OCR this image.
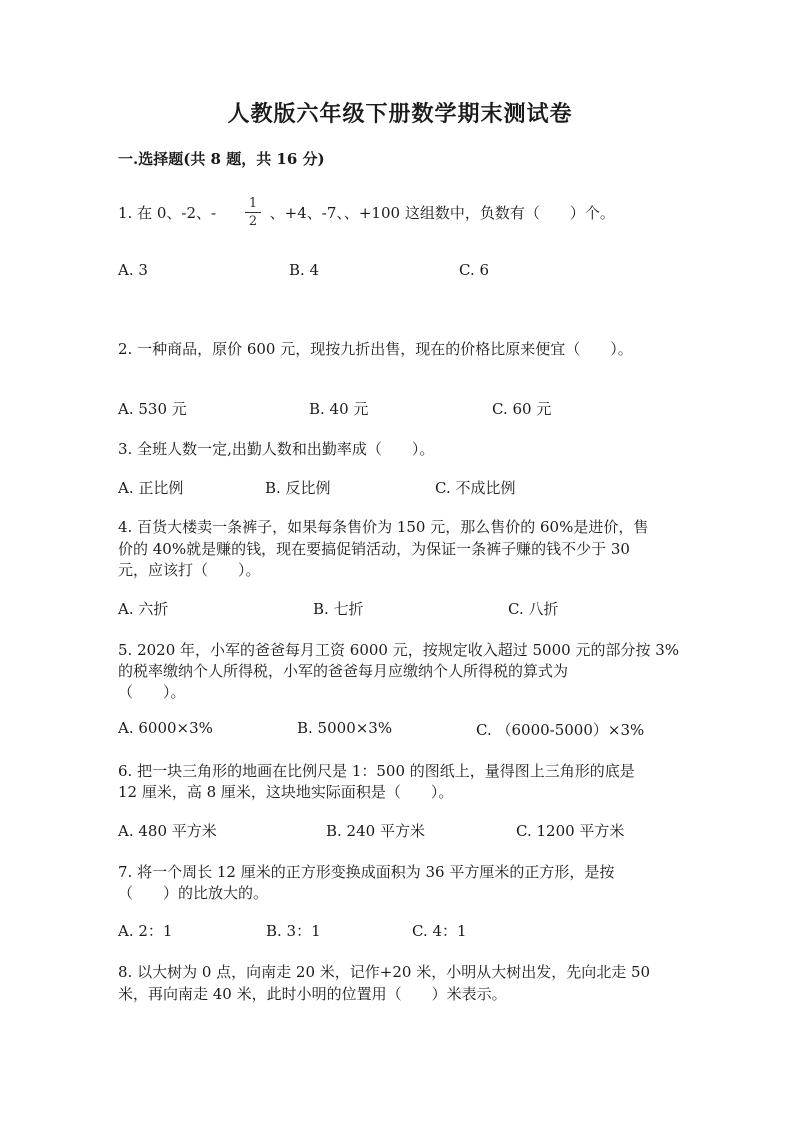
人教版六年级下册数学期末测试卷
一.选择题(共 8 题，共 16 分)
1. 在 0、-2、-	、+4、-7、、+100 这组数中，负数有（　　）个。
1
2
A. 3	B. 4	C. 6
2. 一种商品，原价 600 元，现按九折出售，现在的价格比原来便宜（　　）。
A. 530 元	B. 40 元	C. 60 元
3. 全班人数一定,出勤人数和出勤率成（　　）。
A. 正比例	B. 反比例	C. 不成比例
4. 百货大楼卖一条裤子，如果每条售价为 150 元，那么售价的 60%是进价，售
价的 40%就是赚的钱，现在要搞促销活动，为保证一条裤子赚的钱不少于 30
元，应该打（　　）。
A. 六折	B. 七折	C. 八折
5. 2020 年，小军的爸爸每月工资 6000 元，按规定收入超过 5000 元的部分按 3%
的税率缴纳个人所得税，小军的爸爸每月应缴纳个人所得税的算式为
（　　）。
A. 6000×3%	B. 5000×3%	C. （6000-5000）×3%
6. 把一块三角形的地画在比例尺是 1：500 的图纸上，量得图上三角形的底是
12 厘米，高 8 厘米，这块地实际面积是（　　）。
A. 480 平方米	B. 240 平方米	C. 1200 平方米
7. 将一个周长 12 厘米的正方形变换成面积为 36 平方厘米的正方形，是按
（　　）的比放大的。
A. 2：1	B. 3：1	C. 4：1
8. 以大树为 0 点，向南走 20 米，记作+20 米，小明从大树出发，先向北走 50
米，再向南走 40 米，此时小明的位置用（　　）米表示。
